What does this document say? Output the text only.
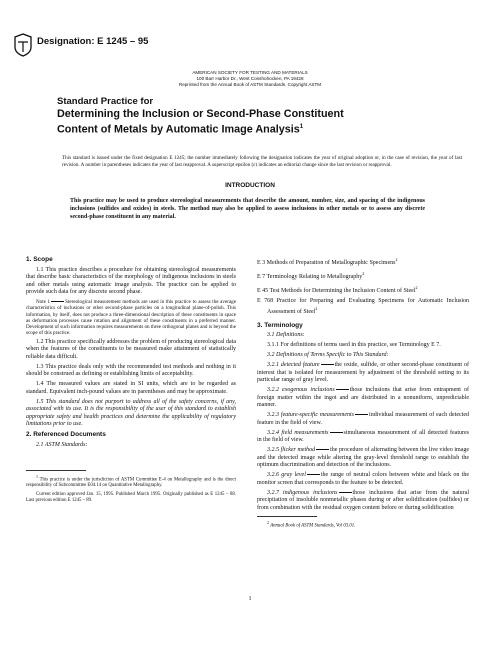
Designation: E 1245 – 95
AMERICAN SOCIETY FOR TESTING AND MATERIALS
100 Barr Harbor Dr., West Conshohocken, PA 19428
Reprinted from the Annual Book of ASTM Standards. Copyright ASTM
Standard Practice for
Determining the Inclusion or Second-Phase Constituent
Content of Metals by Automatic Image Analysis$^1$
This standard is issued under the fixed designation E 1245; the number immediately following the designation indicates the year of original adoption or, in the case of revision, the year of last revision. A number in parentheses indicates the year of last reapproval. A superscript epsilon (ε) indicates an editorial change since the last revision or reapproval.
INTRODUCTION
This practice may be used to produce stereological measurements that describe the amount, number, size, and spacing of the indigenous inclusions (sulfides and oxides) in steels. The method may also be applied to assess inclusions in other metals or to assess any discrete second-phase constituent in any material.

1. Scope

1.1 This practice describes a procedure for obtaining stereological measurements that describe basic characteristics of the morphology of indigenous inclusions in steels and other metals using automatic image analysis. The practice can be applied to provide such data for any discrete second phase.

Note 1	Stereological measurement methods are used in this practice to assess the average characteristics of inclusions or other second-phase particles on a longitudinal plane-of-polish. This information, by itself, does not produce a three-dimensional description of these constituents in space as deformation processes cause rotation and alignment of these constituents in a preferred manner. Development of such information requires measurements on three orthogonal planes and is beyond the scope of this practice.

1.2 This practice specifically addresses the problem of producing stereological data when the features of the constituents to be measured make attainment of statistically reliable data difficult.

1.3 This practice deals only with the recommended test methods and nothing in it should be construed as defining or establishing limits of acceptability.

1.4 The measured values are stated in SI units, which are to be regarded as standard. Equivalent inch-pound values are in parentheses and may be approximate.

1.5 This standard does not purport to address all of the safety concerns, if any, associated with its use. It is the responsibility of the user of this standard to establish appropriate safety and health practices and determine the applicability of regulatory limitations prior to use.

2. Referenced Documents

2.1 ASTM Standards:

$^1$ This practice is under the jurisdiction of ASTM Committee E-4 on Metallography and is the direct responsibility of Subcommittee E04.14 on Quantitative Metallography.

Current edition approved Jan. 15, 1995. Published March 1995. Originally published as E 1245 – 88. Last previous edition E 1245 – 89.

E 3 Methods of Preparation of Metallographic Specimens$^2$

E 7 Terminology Relating to Metallography$^2$

E 45 Test Methods for Determining the Inclusion Content of Steel$^2$

E 768 Practice for Preparing and Evaluating Specimens for Automatic Inclusion Assessment of Steel$^2$

3. Terminology

3.1 Definitions:

3.1.1 For definitions of terms used in this practice, see Terminology E 7.

3.2 Definitions of Terms Specific to This Standard:

3.2.1 detected feature	the oxide, sulfide, or other second-phase constituent of interest that is isolated for measurement by adjustment of the threshold setting to its particular range of gray level.

3.2.2 exogenous inclusions	those inclusions that arise from entrapment of foreign matter within the ingot and are distributed in a nonuniform, unpredictable manner.

3.2.3 feature-specific measurements	individual measurement of each detected feature in the field of view.

3.2.4 field measurements	simultaneous measurement of all detected features in the field of view.

3.2.5 flicker method	the procedure of alternating between the live video image and the detected image while altering the gray-level threshold range to establish the optimum discrimination and detection of the inclusions.

3.2.6 gray level	the range of neutral colors between white and black on the monitor screen that corresponds to the feature to be detected.

3.2.7 indigenous inclusions	those inclusions that arise from the natural precipitation of insoluble nonmetallic phases during or after solidification (sulfides) or from combination with the residual oxygen content before or during solidification

$^2$ Annual Book of ASTM Standards, Vol 03.01.

1
